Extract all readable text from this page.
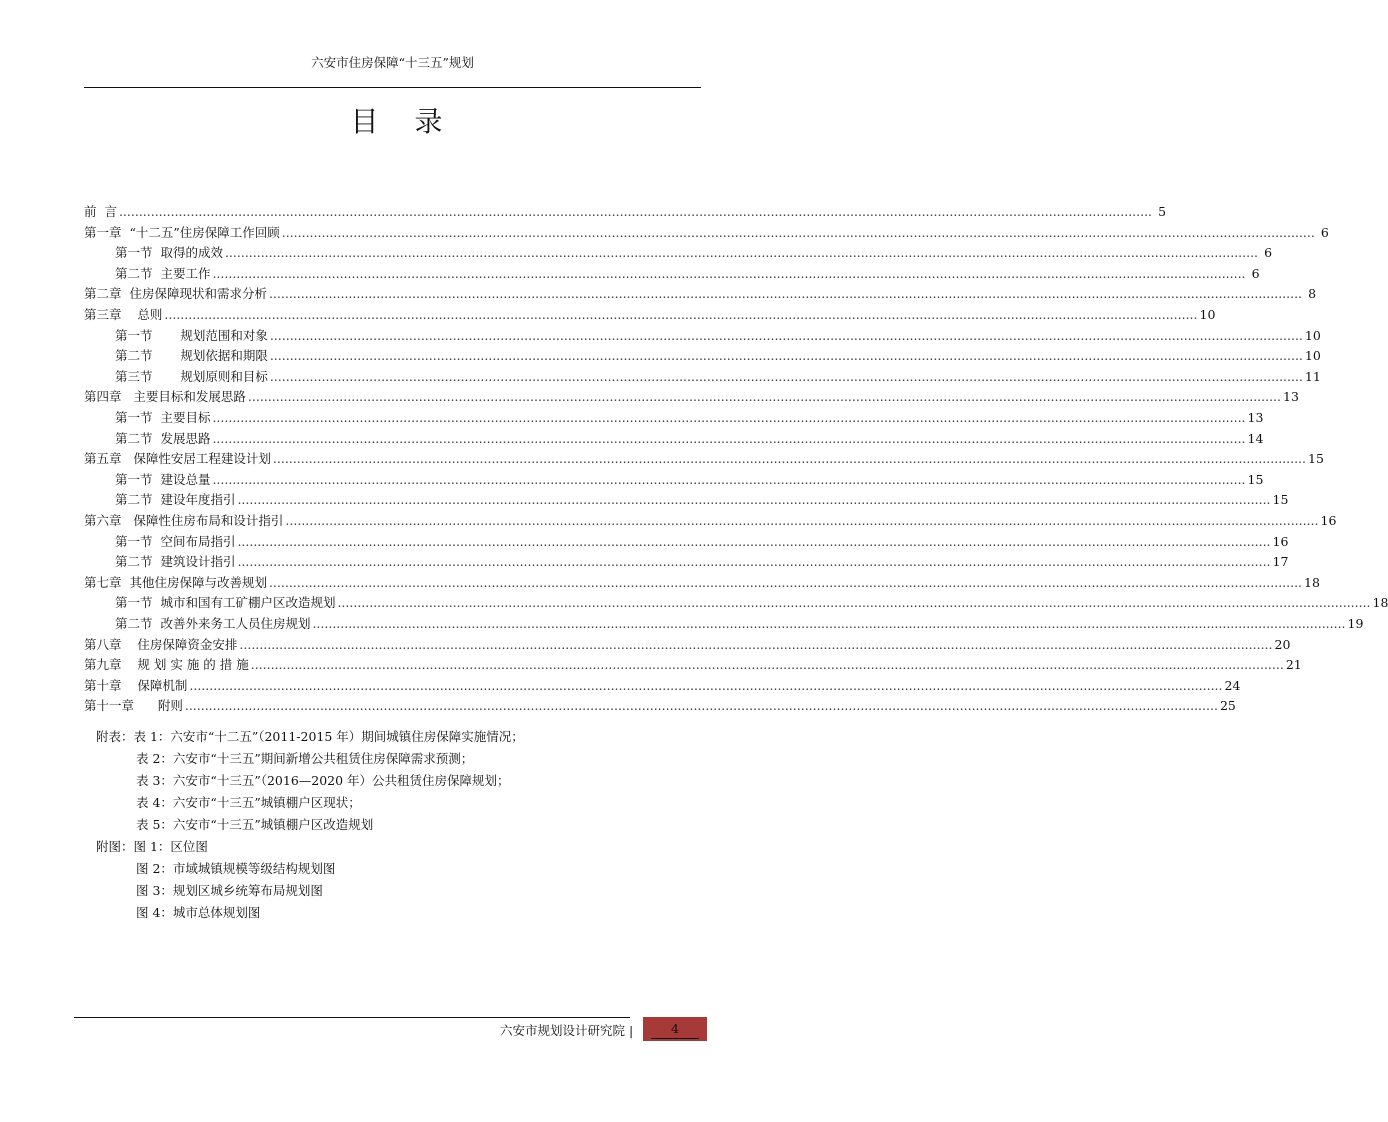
六安市住房保障“十三五”规划
目录
前  言 .................................................................................................................................................................................................................................................................... 5
第一章  “十二五”住房保障工作回顾 .................................................................................................................................................................................................................................................................... 6
第一节  取得的成效 .................................................................................................................................................................................................................................................................... 6
第二节  主要工作 .................................................................................................................................................................................................................................................................... 6
第二章  住房保障现状和需求分析 .................................................................................................................................................................................................................................................................... 8
第三章    总则 .................................................................................................................................................................................................................................................................... 10
第一节       规划范围和对象 .................................................................................................................................................................................................................................................................... 10
第二节       规划依据和期限 .................................................................................................................................................................................................................................................................... 10
第三节       规划原则和目标 .................................................................................................................................................................................................................................................................... 11
第四章   主要目标和发展思路 .................................................................................................................................................................................................................................................................... 13
第一节  主要目标 .................................................................................................................................................................................................................................................................... 13
第二节  发展思路 .................................................................................................................................................................................................................................................................... 14
第五章   保障性安居工程建设计划 .................................................................................................................................................................................................................................................................... 15
第一节  建设总量 .................................................................................................................................................................................................................................................................... 15
第二节  建设年度指引 .................................................................................................................................................................................................................................................................... 15
第六章   保障性住房布局和设计指引 .................................................................................................................................................................................................................................................................... 16
第一节  空间布局指引 .................................................................................................................................................................................................................................................................... 16
第二节  建筑设计指引 .................................................................................................................................................................................................................................................................... 17
第七章  其他住房保障与改善规划 .................................................................................................................................................................................................................................................................... 18
第一节  城市和国有工矿棚户区改造规划 .................................................................................................................................................................................................................................................................... 18
第二节  改善外来务工人员住房规划 .................................................................................................................................................................................................................................................................... 19
第八章    住房保障资金安排 .................................................................................................................................................................................................................................................................... 20
第九章    规 划 实 施 的 措 施 .................................................................................................................................................................................................................................................................... 21
第十章    保障机制 .................................................................................................................................................................................................................................................................... 24
第十一章      附则 .................................................................................................................................................................................................................................................................... 25
附表：表 1：六安市“十二五”（2011-2015 年）期间城镇住房保障实施情况；
表 2：六安市“十三五”期间新增公共租赁住房保障需求预测；
表 3：六安市“十三五”（2016—2020 年）公共租赁住房保障规划；
表 4：六安市“十三五”城镇棚户区现状；
表 5：六安市“十三五”城镇棚户区改造规划
附图：图 1：区位图
图 2：市域城镇规模等级结构规划图
图 3：规划区城乡统筹布局规划图
图 4：城市总体规划图
六安市规划设计研究院 |	4
